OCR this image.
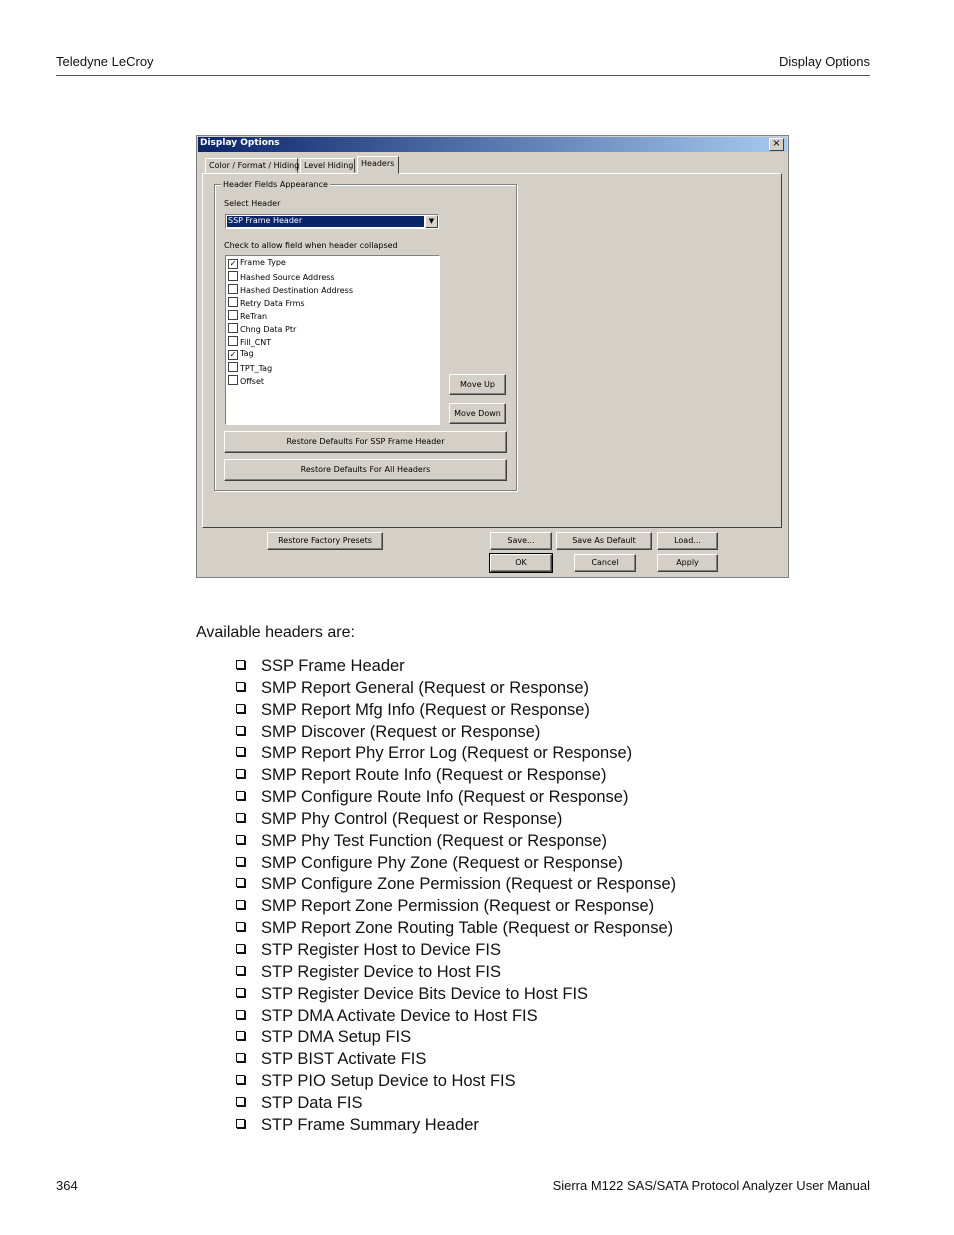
Teledyne LeCroy	Display Options
Display Options	×
Color / Format / Hiding Level Hiding Headers
Header Fields Appearance
Select Header
SSP Frame Header	▼
Check to allow field when header collapsed
✓ Frame Type
Hashed Source Address
Hashed Destination Address
Retry Data Frms
ReTran
Chng Data Ptr
Fill_CNT
✓ Tag
TPT_Tag
Offset	Move Up
Move Down
Restore Defaults For SSP Frame Header
Restore Defaults For All Headers
Restore Factory Presets	Save...	Save As Default	Load...
OK	Cancel	Apply
Available headers are:
SSP Frame Header
SMP Report General (Request or Response)
SMP Report Mfg Info (Request or Response)
SMP Discover (Request or Response)
SMP Report Phy Error Log (Request or Response)
SMP Report Route Info (Request or Response)
SMP Configure Route Info (Request or Response)
SMP Phy Control (Request or Response)
SMP Phy Test Function (Request or Response)
SMP Configure Phy Zone (Request or Response)
SMP Configure Zone Permission (Request or Response)
SMP Report Zone Permission (Request or Response)
SMP Report Zone Routing Table (Request or Response)
STP Register Host to Device FIS
STP Register Device to Host FIS
STP Register Device Bits Device to Host FIS
STP DMA Activate Device to Host FIS
STP DMA Setup FIS
STP BIST Activate FIS
STP PIO Setup Device to Host FIS
STP Data FIS
STP Frame Summary Header
364	Sierra M122 SAS/SATA Protocol Analyzer User Manual
